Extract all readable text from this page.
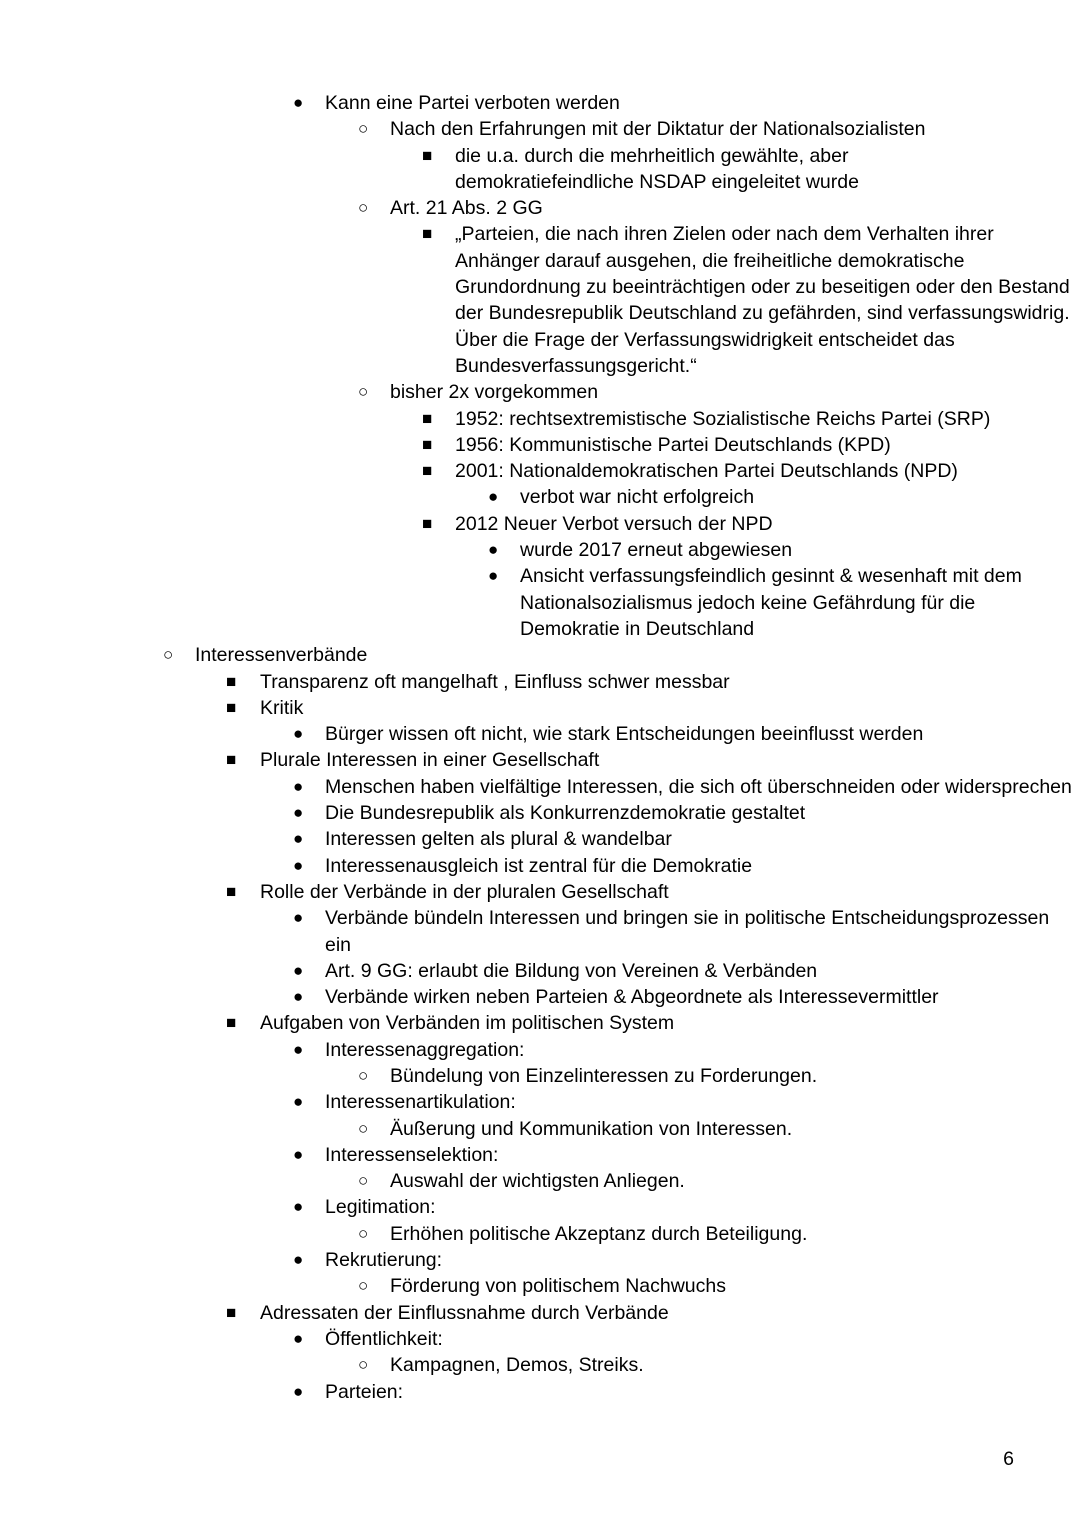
● Kann eine Partei verboten werden
○ Nach den Erfahrungen mit der Diktatur der Nationalsozialisten
■ die u.a. durch die mehrheitlich gewählte, aber demokratiefeindliche NSDAP eingeleitet wurde
○ Art. 21 Abs. 2 GG
■ „Parteien, die nach ihren Zielen oder nach dem Verhalten ihrer Anhänger darauf ausgehen, die freiheitliche demokratische Grundordnung zu beeinträchtigen oder zu beseitigen oder den Bestand der Bundesrepublik Deutschland zu gefährden, sind verfassungswidrig. Über die Frage der Verfassungswidrigkeit entscheidet das Bundesverfassungsgericht.“
○ bisher 2x vorgekommen
■ 1952: rechtsextremistische Sozialistische Reichs Partei (SRP)
■ 1956: Kommunistische Partei Deutschlands (KPD)
■ 2001: Nationaldemokratischen Partei Deutschlands (NPD)
● verbot war nicht erfolgreich
■ 2012 Neuer Verbot versuch der NPD
● wurde 2017 erneut abgewiesen
● Ansicht verfassungsfeindlich gesinnt & wesenhaft mit dem Nationalsozialismus jedoch keine Gefährdung für die Demokratie in Deutschland
○ Interessenverbände
■ Transparenz oft mangelhaft , Einfluss schwer messbar
■ Kritik
● Bürger wissen oft nicht, wie stark Entscheidungen beeinflusst werden
■ Plurale Interessen in einer Gesellschaft
● Menschen haben vielfältige Interessen, die sich oft überschneiden oder widersprechen
● Die Bundesrepublik als Konkurrenzdemokratie gestaltet
● Interessen gelten als plural & wandelbar
● Interessenausgleich ist zentral für die Demokratie
■ Rolle der Verbände in der pluralen Gesellschaft
● Verbände bündeln Interessen und bringen sie in politische Entscheidungsprozessen ein
● Art. 9 GG: erlaubt die Bildung von Vereinen & Verbänden
● Verbände wirken neben Parteien & Abgeordnete als Interessevermittler
■ Aufgaben von Verbänden im politischen System
● Interessenaggregation:
○ Bündelung von Einzelinteressen zu Forderungen.
● Interessenartikulation:
○ Äußerung und Kommunikation von Interessen.
● Interessenselektion:
○ Auswahl der wichtigsten Anliegen.
● Legitimation:
○ Erhöhen politische Akzeptanz durch Beteiligung.
● Rekrutierung:
○ Förderung von politischem Nachwuchs
■ Adressaten der Einflussnahme durch Verbände
● Öffentlichkeit:
○ Kampagnen, Demos, Streiks.
● Parteien:
6
